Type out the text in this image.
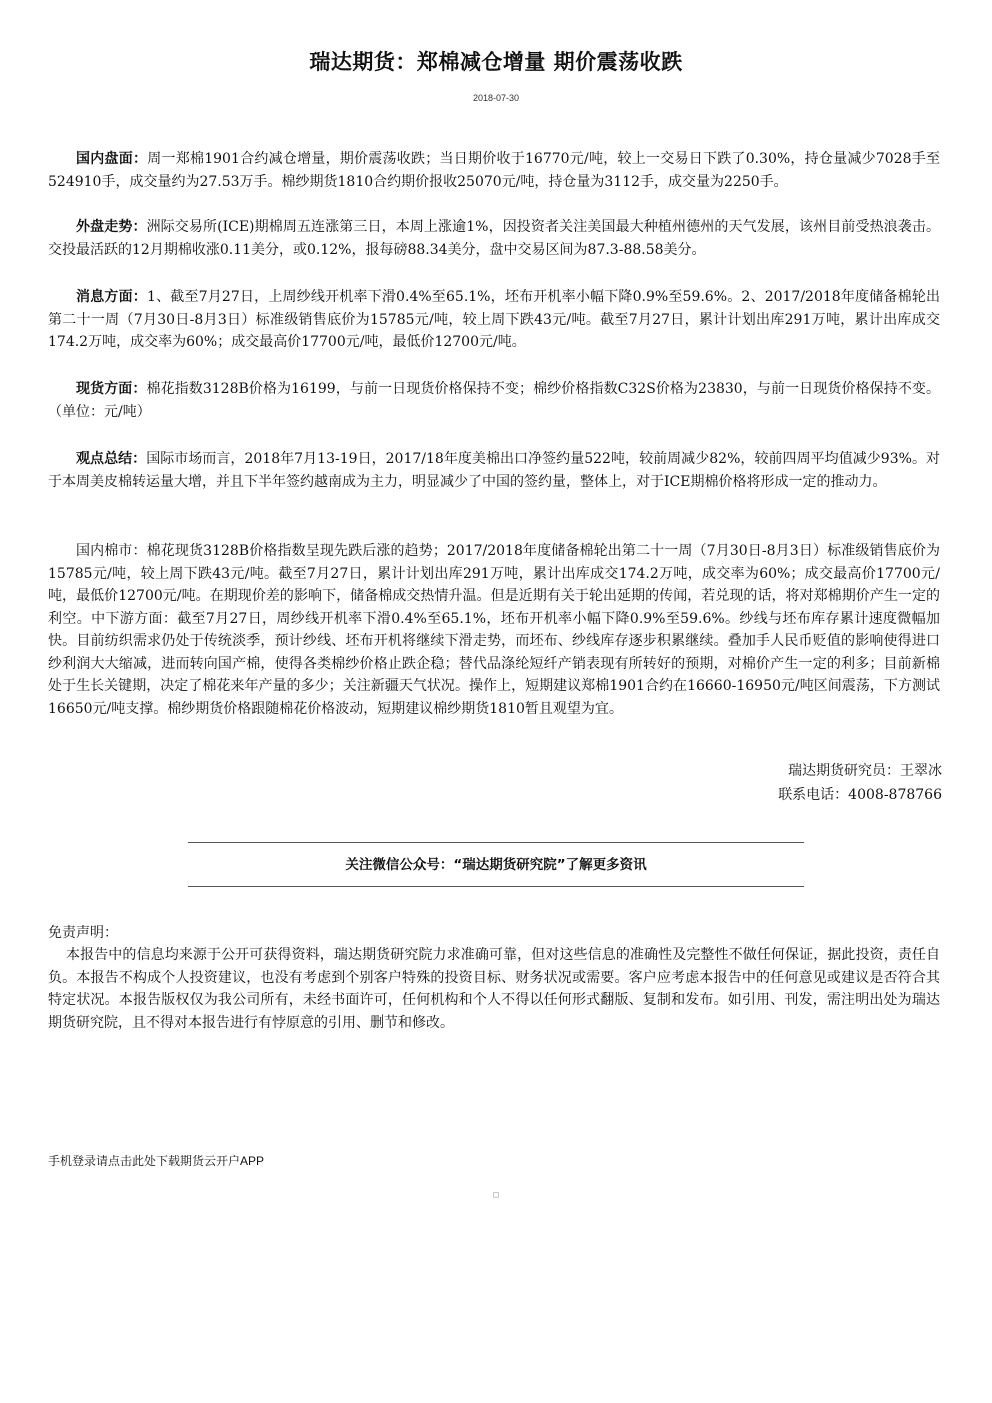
瑞达期货：郑棉减仓增量 期价震荡收跌
2018-07-30
国内盘面：周一郑棉1901合约减仓增量，期价震荡收跌；当日期价收于16770元/吨，较上一交易日下跌了0.30%，持仓量减少7028手至524910手，成交量约为27.53万手。棉纱期货1810合约期价报收25070元/吨，持仓量为3112手，成交量为2250手。
外盘走势：洲际交易所(ICE)期棉周五连涨第三日，本周上涨逾1%，因投资者关注美国最大种植州德州的天气发展，该州目前受热浪袭击。交投最活跃的12月期棉收涨0.11美分，或0.12%，报每磅88.34美分，盘中交易区间为87.3-88.58美分。
消息方面：1、截至7月27日，上周纱线开机率下滑0.4%至65.1%，坯布开机率小幅下降0.9%至59.6%。2、2017/2018年度储备棉轮出第二十一周（7月30日-8月3日）标准级销售底价为15785元/吨，较上周下跌43元/吨。截至7月27日，累计计划出库291万吨，累计出库成交174.2万吨，成交率为60%；成交最高价17700元/吨，最低价12700元/吨。
现货方面：棉花指数3128B价格为16199，与前一日现货价格保持不变；棉纱价格指数C32S价格为23830，与前一日现货价格保持不变。（单位：元/吨）
观点总结：国际市场而言，2018年7月13-19日，2017/18年度美棉出口净签约量522吨，较前周减少82%，较前四周平均值减少93%。对于本周美皮棉转运量大增，并且下半年签约越南成为主力，明显减少了中国的签约量，整体上，对于ICE期棉价格将形成一定的推动力。
国内棉市：棉花现货3128B价格指数呈现先跌后涨的趋势；2017/2018年度储备棉轮出第二十一周（7月30日-8月3日）标准级销售底价为15785元/吨，较上周下跌43元/吨。截至7月27日，累计计划出库291万吨，累计出库成交174.2万吨，成交率为60%；成交最高价17700元/吨，最低价12700元/吨。在期现价差的影响下，储备棉成交热情升温。但是近期有关于轮出延期的传闻，若兑现的话，将对郑棉期价产生一定的利空。中下游方面：截至7月27日，周纱线开机率下滑0.4%至65.1%，坯布开机率小幅下降0.9%至59.6%。纱线与坯布库存累计速度微幅加快。目前纺织需求仍处于传统淡季，预计纱线、坯布开机将继续下滑走势，而坯布、纱线库存逐步积累继续。叠加手人民币贬值的影响使得进口纱利润大大缩减，进而转向国产棉，使得各类棉纱价格止跌企稳；替代品涤纶短纤产销表现有所转好的预期，对棉价产生一定的利多；目前新棉处于生长关键期，决定了棉花来年产量的多少；关注新疆天气状况。操作上，短期建议郑棉1901合约在16660-16950元/吨区间震荡，下方测试16650元/吨支撑。棉纱期货价格跟随棉花价格波动，短期建议棉纱期货1810暂且观望为宜。
瑞达期货研究员：王翠冰
联系电话：4008-878766
关注微信公众号：“瑞达期货研究院”了解更多资讯
免责声明：
本报告中的信息均来源于公开可获得资料，瑞达期货研究院力求准确可靠，但对这些信息的准确性及完整性不做任何保证，据此投资，责任自负。本报告不构成个人投资建议，也没有考虑到个别客户特殊的投资目标、财务状况或需要。客户应考虑本报告中的任何意见或建议是否符合其特定状况。本报告版权仅为我公司所有，未经书面许可，任何机构和个人不得以任何形式翻版、复制和发布。如引用、刊发，需注明出处为瑞达期货研究院，且不得对本报告进行有悖原意的引用、删节和修改。
手机登录请点击此处下载期货云开户APP
